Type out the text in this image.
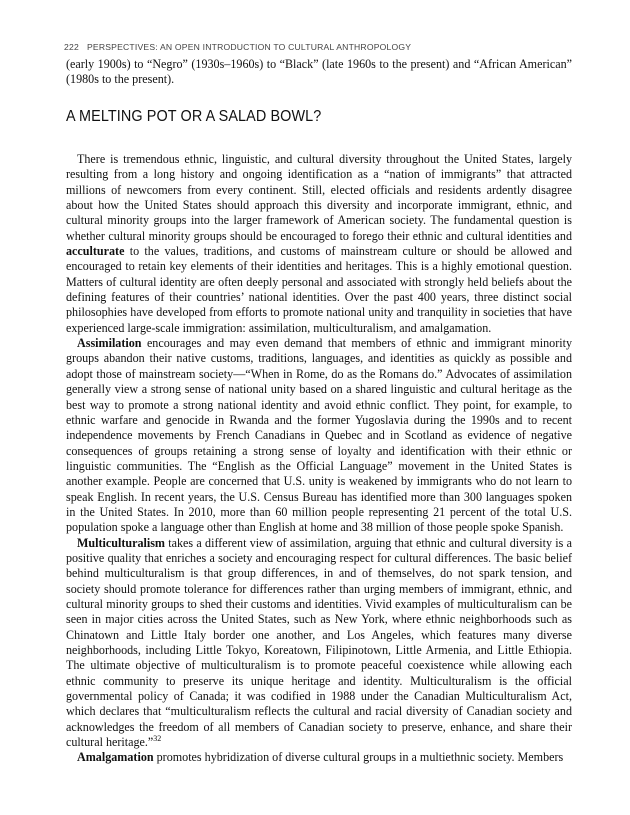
222 PERSPECTIVES: AN OPEN INTRODUCTION TO CULTURAL ANTHROPOLOGY

(early 1900s) to “Negro” (1930s–1960s) to “Black” (late 1960s to the present) and “African American” (1980s to the present).

A MELTING POT OR A SALAD BOWL?

There is tremendous ethnic, linguistic, and cultural diversity throughout the United States, largely resulting from a long history and ongoing identification as a “nation of immigrants” that attracted millions of newcomers from every continent. Still, elected officials and residents ardently disagree about how the United States should approach this diversity and incorporate immigrant, ethnic, and cultural minority groups into the larger framework of American society. The fundamental question is whether cultural minority groups should be encouraged to forego their ethnic and cultural identities and acculturate to the values, traditions, and customs of mainstream culture or should be allowed and encouraged to retain key elements of their identities and heritages. This is a highly emotional question. Matters of cultural identity are often deeply personal and associated with strongly held beliefs about the defining features of their countries’ national identities. Over the past 400 years, three distinct social philosophies have developed from efforts to promote national unity and tranquility in societies that have experienced large-scale immigration: assimilation, multiculturalism, and amalgamation.

Assimilation encourages and may even demand that members of ethnic and immigrant minority groups abandon their native customs, traditions, languages, and identities as quickly as possible and adopt those of mainstream society—“When in Rome, do as the Romans do.” Advocates of assimilation generally view a strong sense of national unity based on a shared linguistic and cultural heritage as the best way to promote a strong national identity and avoid ethnic conflict. They point, for example, to ethnic warfare and genocide in Rwanda and the former Yugoslavia during the 1990s and to recent independence movements by French Canadians in Quebec and in Scotland as evidence of negative consequences of groups retaining a strong sense of loyalty and identification with their ethnic or linguistic communities. The “English as the Official Language” movement in the United States is another example. People are concerned that U.S. unity is weakened by immigrants who do not learn to speak English. In recent years, the U.S. Census Bureau has identified more than 300 languages spoken in the United States. In 2010, more than 60 million people representing 21 percent of the total U.S. population spoke a language other than English at home and 38 million of those people spoke Spanish.

Multiculturalism takes a different view of assimilation, arguing that ethnic and cultural diversity is a positive quality that enriches a society and encouraging respect for cultural differences. The basic belief behind multiculturalism is that group differences, in and of themselves, do not spark tension, and society should promote tolerance for differences rather than urging members of immigrant, ethnic, and cultural minority groups to shed their customs and identities. Vivid examples of multiculturalism can be seen in major cities across the United States, such as New York, where ethnic neighborhoods such as Chinatown and Little Italy border one another, and Los Angeles, which features many diverse neighborhoods, including Little Tokyo, Koreatown, Filipinotown, Little Armenia, and Little Ethiopia. The ultimate objective of multiculturalism is to promote peaceful coexistence while allowing each ethnic community to preserve its unique heritage and identity. Multiculturalism is the official governmental policy of Canada; it was codified in 1988 under the Canadian Multiculturalism Act, which declares that “multiculturalism reflects the cultural and racial diversity of Canadian society and acknowledges the freedom of all members of Canadian society to preserve, enhance, and share their cultural heritage.”$^{32}$

Amalgamation promotes hybridization of diverse cultural groups in a multiethnic society. Members
